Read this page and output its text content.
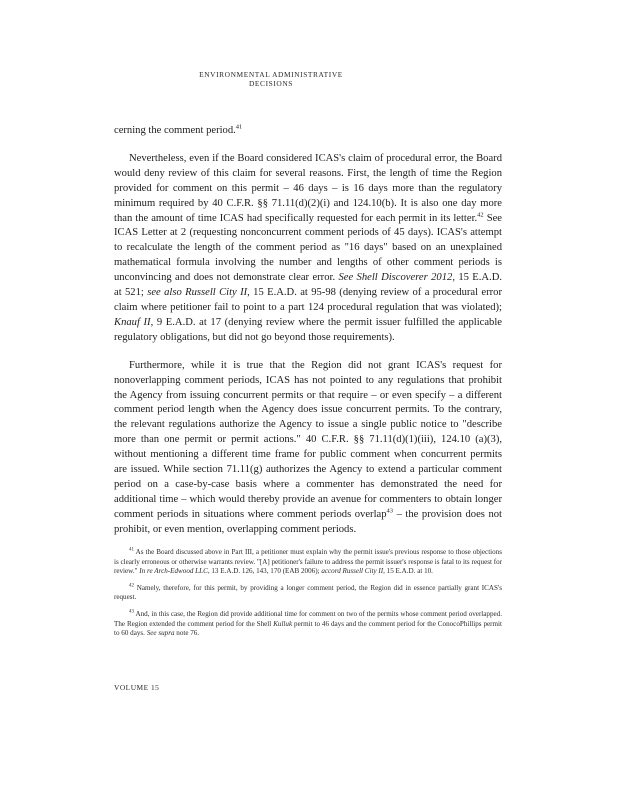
ENVIRONMENTAL ADMINISTRATIVE DECISIONS

cerning the comment period.$^{41}$

Nevertheless, even if the Board considered ICAS's claim of procedural error, the Board would deny review of this claim for several reasons. First, the length of time the Region provided for comment on this permit – 46 days – is 16 days more than the regulatory minimum required by 40 C.F.R. §§ 71.11(d)(2)(i) and 124.10(b). It is also one day more than the amount of time ICAS had specifically requested for each permit in its letter.$^{42}$ See ICAS Letter at 2 (requesting nonconcurrent comment periods of 45 days). ICAS's attempt to recalculate the length of the comment period as "16 days" based on an unexplained mathematical formula involving the number and lengths of other comment periods is unconvincing and does not demonstrate clear error. See Shell Discoverer 2012, 15 E.A.D. at 521; see also Russell City II, 15 E.A.D. at 95-98 (denying review of a procedural error claim where petitioner fail to point to a part 124 procedural regulation that was violated); Knauf II, 9 E.A.D. at 17 (denying review where the permit issuer fulfilled the applicable regulatory obligations, but did not go beyond those requirements).

Furthermore, while it is true that the Region did not grant ICAS's request for nonoverlapping comment periods, ICAS has not pointed to any regulations that prohibit the Agency from issuing concurrent permits or that require – or even specify – a different comment period length when the Agency does issue concurrent permits. To the contrary, the relevant regulations authorize the Agency to issue a single public notice to "describe more than one permit or permit actions." 40 C.F.R. §§ 71.11(d)(1)(iii), 124.10 (a)(3), without mentioning a different time frame for public comment when concurrent permits are issued. While section 71.11(g) authorizes the Agency to extend a particular comment period on a case-by-case basis where a commenter has demonstrated the need for additional time – which would thereby provide an avenue for commenters to obtain longer comment periods in situations where comment periods overlap$^{43}$ – the provision does not prohibit, or even mention, overlapping comment periods.

$^{41}$ As the Board discussed above in Part III, a petitioner must explain why the permit issue's previous response to those objections is clearly erroneous or otherwise warrants review. "[A] petitioner's failure to address the permit issuer's response is fatal to its request for review." In re Arch-Edwood LLC, 13 E.A.D. 126, 143, 170 (EAB 2006); accord Russell City II, 15 E.A.D. at 10.

$^{42}$ Namely, therefore, for this permit, by providing a longer comment period, the Region did in essence partially grant ICAS's request.

$^{43}$ And, in this case, the Region did provide additional time for comment on two of the permits whose comment period overlapped. The Region extended the comment period for the Shell Kulluk permit to 46 days and the comment period for the ConocoPhillips permit to 60 days. See supra note 76.

VOLUME 15
